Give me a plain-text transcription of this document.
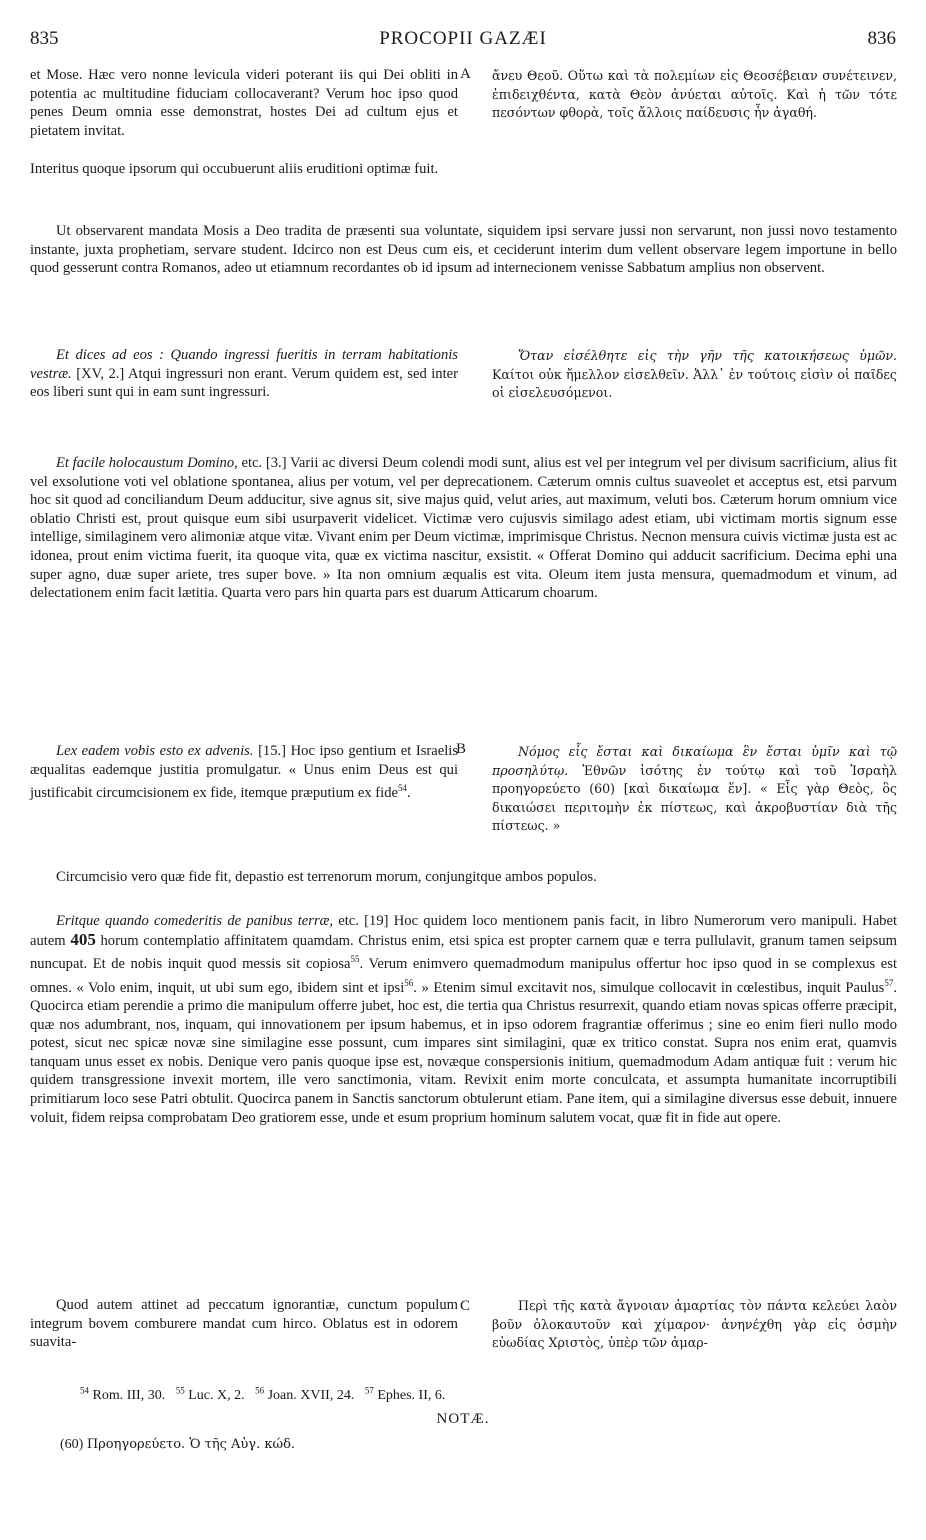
835	PROCOPII GAZÆI	836

et Mose. Hæc vero nonne levicula videri poterant iis qui Dei obliti in potentia ac multitudine fiduciam collocaverant? Verum hoc ipso quod penes Deum omnia esse demonstrat, hostes Dei ad cultum ejus et pietatem invitat.

A ἄνευ Θεοῦ. Οὕτω καὶ τὰ πολεμίων εἰς Θεοσέβειαν συνέτεινεν, ἐπιδειχθέντα, κατὰ Θεὸν ἀνύεται αὐτοῖς. Καὶ ἡ τῶν τότε πεσόντων φθορὰ, τοῖς ἄλλοις παίδευσις ἦν ἀγαθή.

Interitus quoque ipsorum qui occubuerunt aliis eruditioni optimæ fuit.

Ut observarent mandata Mosis a Deo tradita de præsenti sua voluntate, siquidem ipsi servare jussi non servarunt, non jussi novo testamento instante, juxta prophetiam, servare student. Idcirco non est Deus cum eis, et ceciderunt interim dum vellent observare legem importune in bello quod gesserunt contra Romanos, adeo ut etiamnum recordantes ob id ipsum ad internecionem venisse Sabbatum amplius non observent.

Et dices ad eos : Quando ingressi fueritis in terram habitationis vestræ. [XV, 2.] Atqui ingressuri non erant. Verum quidem est, sed inter eos liberi sunt qui in eam sunt ingressuri.

Ὅταν εἰσέλθητε εἰς τὴν γῆν τῆς κατοικήσεως ὑμῶν. Καίτοι οὐκ ἤμελλον εἰσελθεῖν. Ἀλλ᾽ ἐν τούτοις εἰσὶν οἱ παῖδες οἱ εἰσελευσόμενοι.

Et facile holocaustum Domino, etc. [3.] Varii ac diversi Deum colendi modi sunt, alius est vel per integrum vel per divisum sacrificium, alius fit vel exsolutione voti vel oblatione spontanea, alius per votum, vel per deprecationem. Cæterum omnis cultus suaveolet et acceptus est, etsi parvum hoc sit quod ad conciliandum Deum adducitur, sive agnus sit, sive majus quid, velut aries, aut maximum, veluti bos. Cæterum horum omnium vice oblatio Christi est, prout quisque eum sibi usurpaverit videlicet. Victimæ vero cujusvis similago adest etiam, ubi victimam mortis signum esse intellige, similaginem vero alimoniæ atque vitæ. Vivant enim per Deum victimæ, imprimisque Christus. Necnon mensura cuivis victimæ justa est ac idonea, prout enim victima fuerit, ita quoque vita, quæ ex victima nascitur, exsistit. « Offerat Domino qui adducit sacrificium. Decima ephi una super agno, duæ super ariete, tres super bove. » Ita non omnium æqualis est vita. Oleum item justa mensura, quemadmodum et vinum, ad delectationem enim facit lætitia. Quarta vero pars hin quarta pars est duarum Atticarum choarum.

Lex eadem vobis esto ex advenis. [15.] Hoc ipso gentium et Israelis æqualitas eademque justitia promulgatur. « Unus enim Deus est qui justificabit circumcisionem ex fide, itemque præputium ex fide$^{54}$.

B	Νόμος εἷς ἔσται καὶ δικαίωμα ἓν ἔσται ὑμῖν καὶ τῷ προσηλύτῳ. Ἐθνῶν ἰσότης ἐν τούτῳ καὶ τοῦ Ἰσραὴλ προηγορεύετο (60) [καὶ δικαίωμα ἕν]. « Εἷς γὰρ Θεὸς, ὃς δικαιώσει περιτομὴν ἐκ πίστεως, καὶ ἀκροβυστίαν διὰ τῆς πίστεως. »

Circumcisio vero quæ fide fit, depastio est terrenorum morum, conjungitque ambos populos.

Eritque quando comederitis de panibus terræ, etc. [19] Hoc quidem loco mentionem panis facit, in libro Numerorum vero manipuli. Habet autem 405 horum contemplatio affinitatem quamdam. Christus enim, etsi spica est propter carnem quæ e terra pullulavit, granum tamen seipsum nuncupat. Et de nobis inquit quod messis sit copiosa$^{55}$. Verum enimvero quemadmodum manipulus offertur hoc ipso quod in se complexus est omnes. « Volo enim, inquit, ut ubi sum ego, ibidem sint et ipsi$^{56}$. » Etenim simul excitavit nos, simulque collocavit in cœlestibus, inquit Paulus$^{57}$. Quocirca etiam perendie a primo die manipulum offerre jubet, hoc est, die tertia qua Christus resurrexit, quando etiam novas spicas offerre præcipit, quæ nos adumbrant, nos, inquam, qui innovationem per ipsum habemus, et in ipso odorem fragrantiæ offerimus ; sine eo enim fieri nullo modo potest, sicut nec spicæ novæ sine similagine esse possunt, cum impares sint similagini, quæ ex tritico constat. Supra nos enim erat, quamvis tanquam unus esset ex nobis. Denique vero panis quoque ipse est, novæque conspersionis initium, quemadmodum Adam antiquæ fuit : verum hic quidem transgressione invexit mortem, ille vero sanctimonia, vitam. Revixit enim morte conculcata, et assumpta humanitate incorruptibili primitiarum loco sese Patri obtulit. Quocirca panem in Sanctis sanctorum obtulerunt etiam. Pane item, qui a similagine diversus esse debuit, innuere voluit, fidem reipsa comprobatam Deo gratiorem esse, unde et esum proprium hominum salutem vocat, quæ fit in fide aut opere.

Quod autem attinet ad peccatum ignorantiæ, cunctum populum integrum bovem comburere mandat cum hirco. Oblatus est in odorem suavita-

C	Περὶ τῆς κατὰ ἄγνοιαν ἁμαρτίας τὸν πάντα κελεύει λαὸν βοῦν ὁλοκαυτοῦν καὶ χίμαρον· ἀνηνέχθη γὰρ εἰς ὀσμὴν εὐωδίας Χριστὸς, ὑπὲρ τῶν ἁμαρ-

$^{54}$ Rom. III, 30. $^{55}$ Luc. X, 2. $^{56}$ Joan. XVII, 24. $^{57}$ Ephes. II, 6.
NOTÆ.
(60) Προηγορεύετο. Ὁ τῆς Αὐγ. κώδ.
